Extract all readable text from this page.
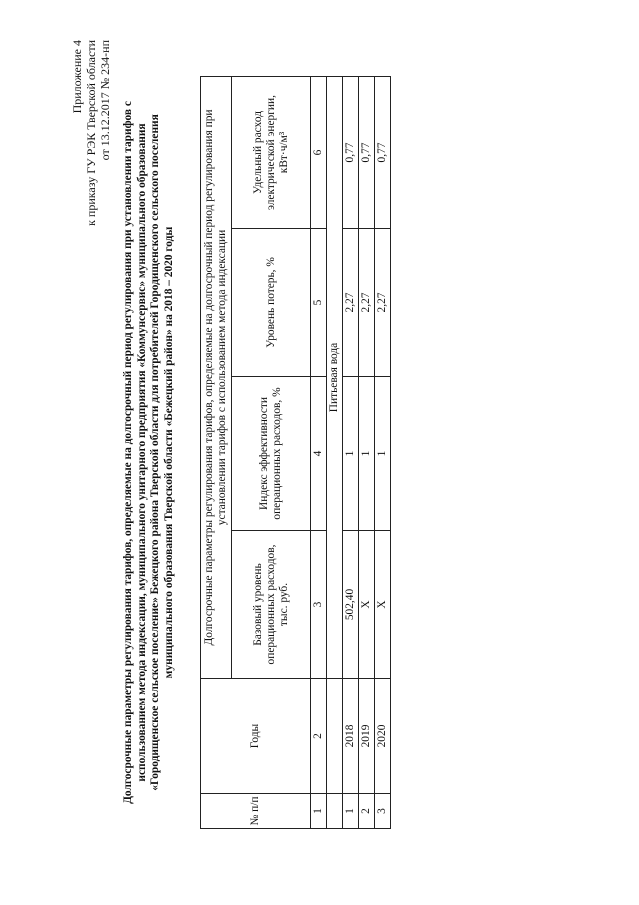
Приложение 4 к приказу ГУ РЭК Тверской области от 13.12.2017 № 234-нп
Долгосрочные параметры регулирования тарифов, определяемые на долгосрочный период регулирования при установлении тарифов с использованием метода индексации, муниципального унитарного предприятия «Коммунсервис» муниципального образования «Городищенское сельское поселение» Бежецкого района Тверской области для потребителей Городищенского сельского поселения муниципального образования Тверской области «Бежецкий район» на 2018 – 2020 годы
№ п/п	Годы	Долгосрочные параметры регулирования тарифов, определяемые на долгосрочный период регулирования при установлении тарифов с использованием метода индексации			
		Базовый уровень операционных расходов, тыс. руб.	Индекс эффективности операционных расходов, %	Уровень потерь, %	Удельный расход электрической энергии, кВт·ч/м³
1	2	3	4	5	6
		Питьевая вода			
1	2018	502,40	1	2,27	0,77
2	2019	X	1	2,27	0,77
3	2020	X	1	2,27	0,77
